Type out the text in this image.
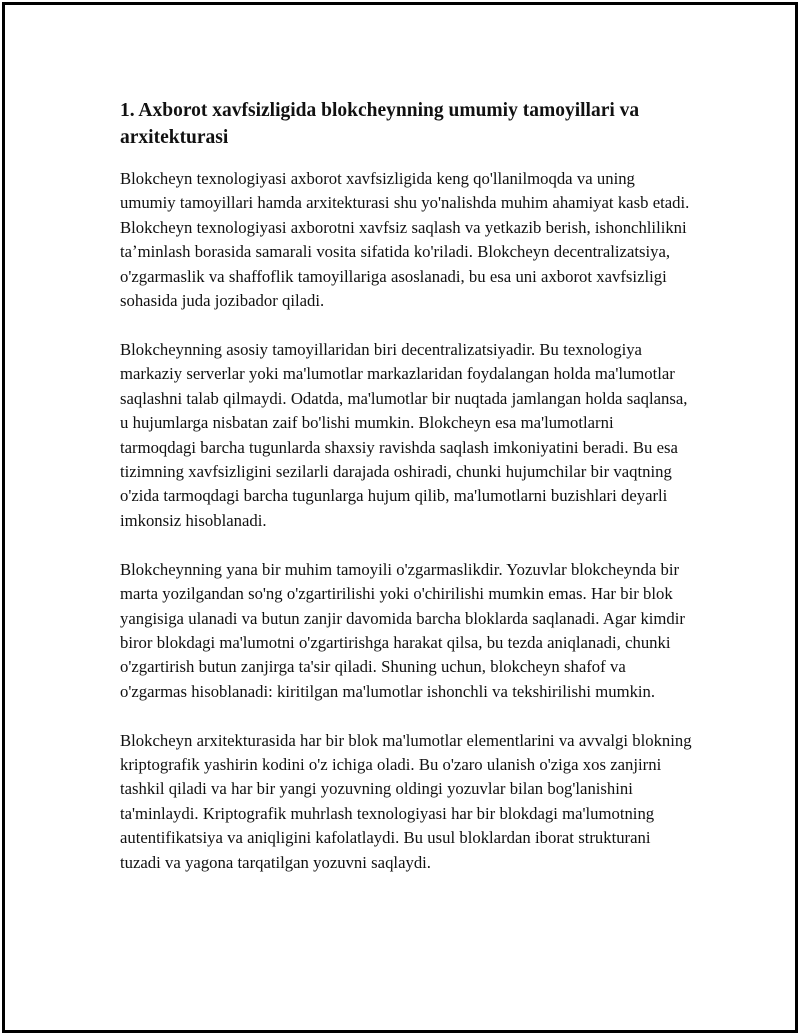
1. Axborot xavfsizligida blokcheynning umumiy tamoyillari va arxitekturasi

Blokcheyn texnologiyasi axborot xavfsizligida keng qo'llanilmoqda va uning umumiy tamoyillari hamda arxitekturasi shu yo'nalishda muhim ahamiyat kasb etadi. Blokcheyn texnologiyasi axborotni xavfsiz saqlash va yetkazib berish, ishonchlilikni taʼminlash borasida samarali vosita sifatida ko'riladi. Blokcheyn decentralizatsiya, o'zgarmaslik va shaffoflik tamoyillariga asoslanadi, bu esa uni axborot xavfsizligi sohasida juda jozibador qiladi.

Blokcheynning asosiy tamoyillaridan biri decentralizatsiyadir. Bu texnologiya markaziy serverlar yoki ma'lumotlar markazlaridan foydalangan holda ma'lumotlar saqlashni talab qilmaydi. Odatda, ma'lumotlar bir nuqtada jamlangan holda saqlansa, u hujumlarga nisbatan zaif bo'lishi mumkin. Blokcheyn esa ma'lumotlarni tarmoqdagi barcha tugunlarda shaxsiy ravishda saqlash imkoniyatini beradi. Bu esa tizimning xavfsizligini sezilarli darajada oshiradi, chunki hujumchilar bir vaqtning o'zida tarmoqdagi barcha tugunlarga hujum qilib, ma'lumotlarni buzishlari deyarli imkonsiz hisoblanadi.

Blokcheynning yana bir muhim tamoyili o'zgarmaslikdir. Yozuvlar blokcheynda bir marta yozilgandan so'ng o'zgartirilishi yoki o'chirilishi mumkin emas. Har bir blok yangisiga ulanadi va butun zanjir davomida barcha bloklarda saqlanadi. Agar kimdir biror blokdagi ma'lumotni o'zgartirishga harakat qilsa, bu tezda aniqlanadi, chunki o'zgartirish butun zanjirga ta'sir qiladi. Shuning uchun, blokcheyn shafof va o'zgarmas hisoblanadi: kiritilgan ma'lumotlar ishonchli va tekshirilishi mumkin.

Blokcheyn arxitekturasida har bir blok ma'lumotlar elementlarini va avvalgi blokning kriptografik yashirin kodini o'z ichiga oladi. Bu o'zaro ulanish o'ziga xos zanjirni tashkil qiladi va har bir yangi yozuvning oldingi yozuvlar bilan bog'lanishini ta'minlaydi. Kriptografik muhrlash texnologiyasi har bir blokdagi ma'lumotning autentifikatsiya va aniqligini kafolatlaydi. Bu usul bloklardan iborat strukturani tuzadi va yagona tarqatilgan yozuvni saqlaydi.
